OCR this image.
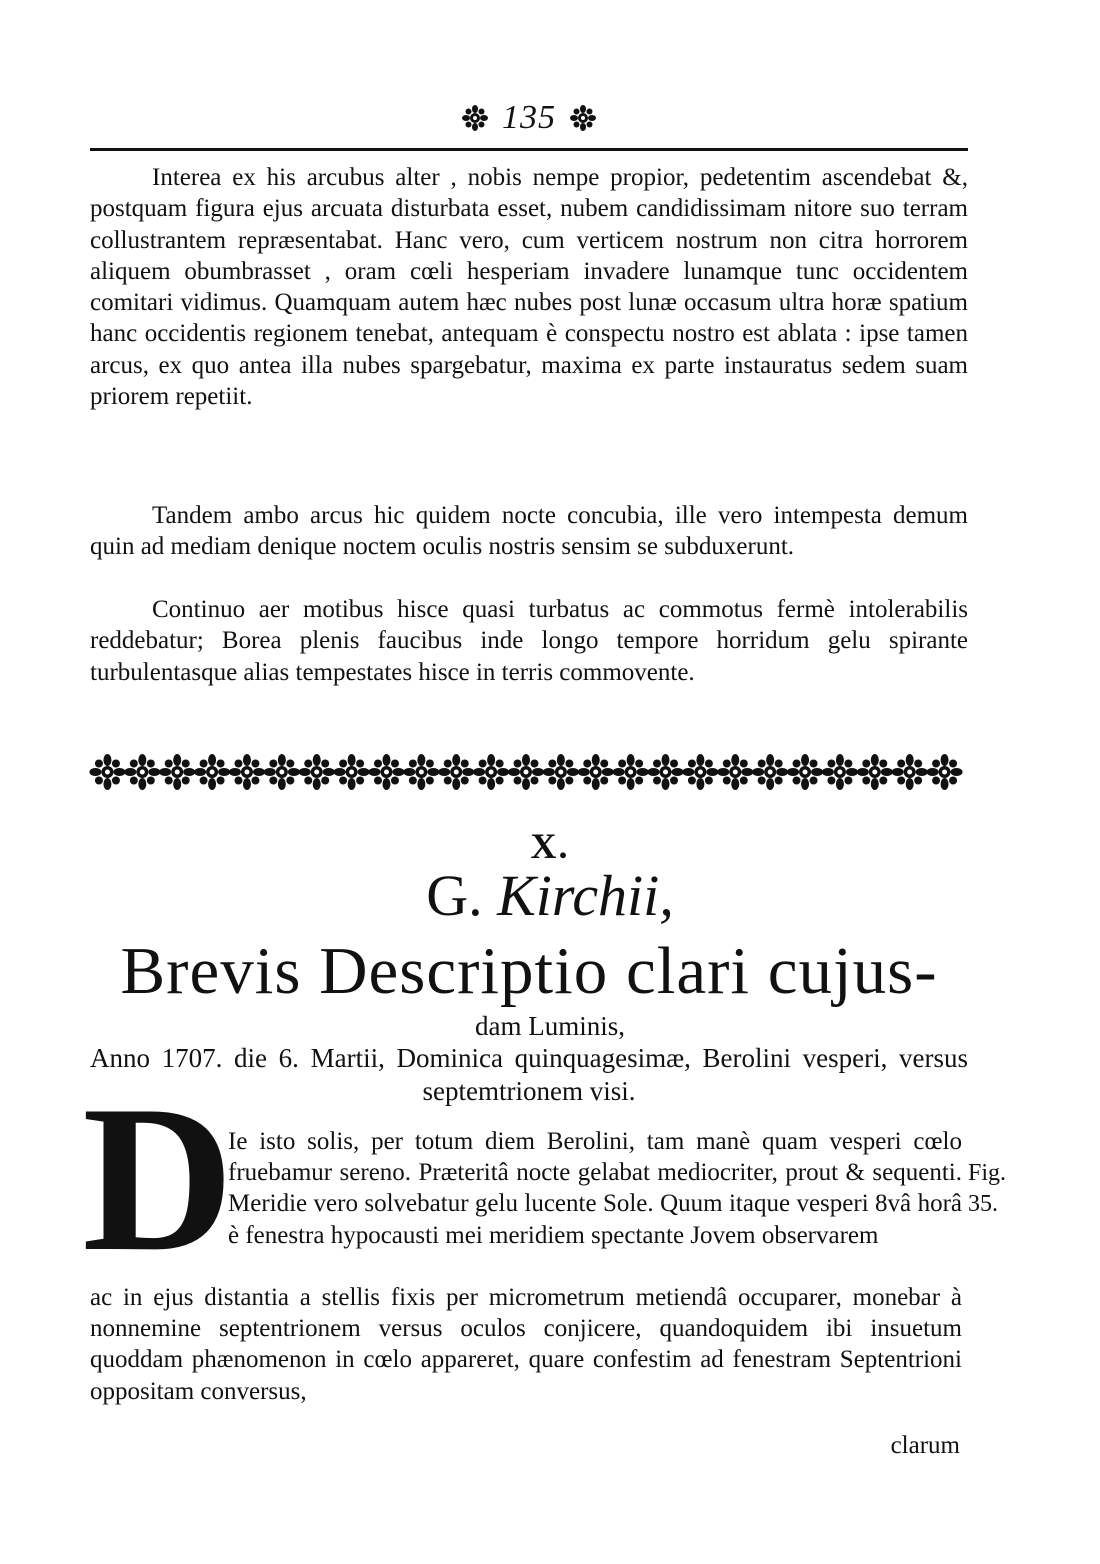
135
Interea ex his arcubus alter , nobis nempe propior, pedetentim ascendebat &, postquam figura ejus arcuata disturbata esset, nubem candidissimam nitore suo terram collustrantem repræsentabat. Hanc vero, cum verticem nostrum non citra horrorem aliquem obumbrasset , oram cœli hesperiam invadere lunamque tunc occidentem comitari vidimus. Quamquam autem hæc nubes post lunæ occasum ultra horæ spatium hanc occidentis regionem tenebat, antequam è conspectu nostro est ablata : ipse tamen arcus, ex quo antea illa nubes spargebatur, maxima ex parte instauratus sedem suam priorem repetiit.
Tandem ambo arcus hic quidem nocte concubia, ille vero intempesta demum quin ad mediam denique noctem oculis nostris sensim se subduxerunt.
Continuo aer motibus hisce quasi turbatus ac commotus fermè intolerabilis reddebatur; Borea plenis faucibus inde longo tempore horridum gelu spirante turbulentasque alias tempestates hisce in terris commovente.
X.
G. Kirchii,
Brevis Descriptio clari cujus-
dam Luminis,
Anno 1707. die 6. Martii, Dominica quinquagesimæ, Berolini vesperi, versus septemtrionem visi.
D
Ie isto solis, per totum diem Berolini, tam manè quam vesperi cœlo fruebamur sereno. Præteritâ nocte gelabat mediocriter, prout & sequenti. Meridie vero solvebatur gelu lucente Sole. Quum itaque vesperi 8vâ horâ è fenestra hypocausti mei meridiem spectante Jovem observarem
Fig.
35.
ac in ejus distantia a stellis fixis per micrometrum metiendâ occuparer, monebar à nonnemine septentrionem versus oculos conjicere, quandoquidem ibi insuetum quoddam phænomenon in cœlo appareret, quare confestim ad fenestram Septentrioni oppositam conversus,
clarum
